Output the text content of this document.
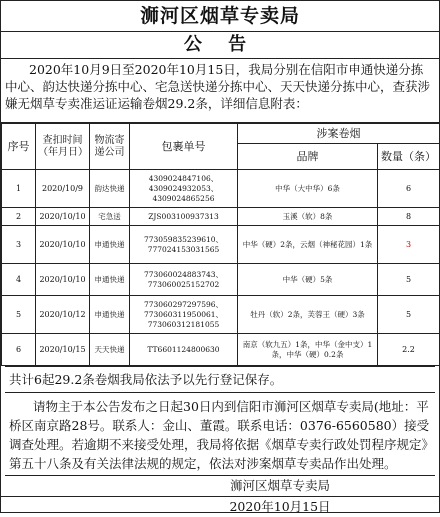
浉河区烟草专卖局
公 告
2020年10月9日至2020年10月15日，我局分别在信阳市申通快递分拣中心、韵达快递分拣中心、宅急送快递分拣中心、天天快递分拣中心，查获涉嫌无烟草专卖准运证运输卷烟29.2条，详细信息附表：
序号	查扣时间（年月日）	物流寄递公司	包裹单号	涉案卷烟	
				品牌	数量（条）
1	2020/10/9	韵达快递	4309024847106、4309024932053、4309024865256	中华（大中华）6条	6
2	2020/10/10	宅急送	ZJS003100937313	玉溪（软）8条	8
3	2020/10/10	申通快递	773059835239610、777024153031565	中华（硬）2条，云烟（神秘花园）1条	3
4	2020/10/10	申通快递	773060024883743、773060025152702	中华（硬）5条	5
5	2020/10/12	申通快递	773060297297596、773060311950061、773060312181055	牡丹（软）2条，芙蓉王（硬）3条	5
6	2020/10/15	天天快递	TT6601124800630	南京（软九五）1条，中华（金中支）1条，中华（硬）0.2条	2.2
共计6起29.2条卷烟我局依法予以先行登记保存。
请物主于本公告发布之日起30日内到信阳市浉河区烟草专卖局(地址：平桥区南京路28号。联系人：金山、董霞。联系电话：0376-6560580）接受调查处理。若逾期不来接受处理，我局将依据《烟草专卖行政处罚程序规定》第五十八条及有关法律法规的规定，依法对涉案烟草专卖品作出处理。
浉河区烟草专卖局
2020年10月15日
